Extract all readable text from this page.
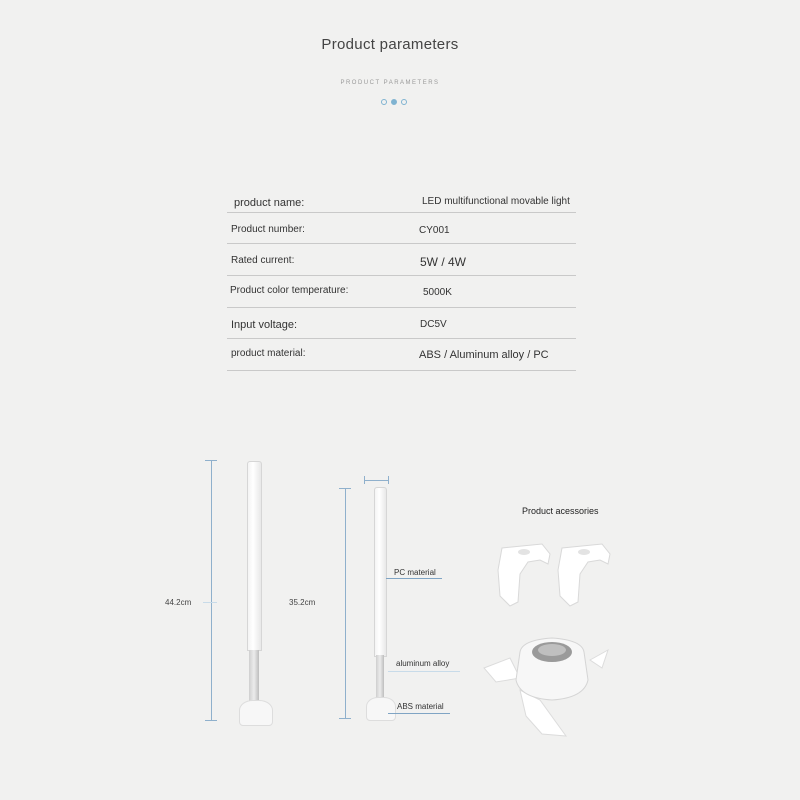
Product parameters
PRODUCT PARAMETERS
product name:	LED multifunctional movable light
Product number:	CY001
Rated current:	5W / 4W
Product color temperature:	5000K
Input voltage:	DC5V
product material:	ABS / Aluminum alloy / PC
44.2cm	35.2cm
PC material
aluminum alloy
ABS material
Product acessories
